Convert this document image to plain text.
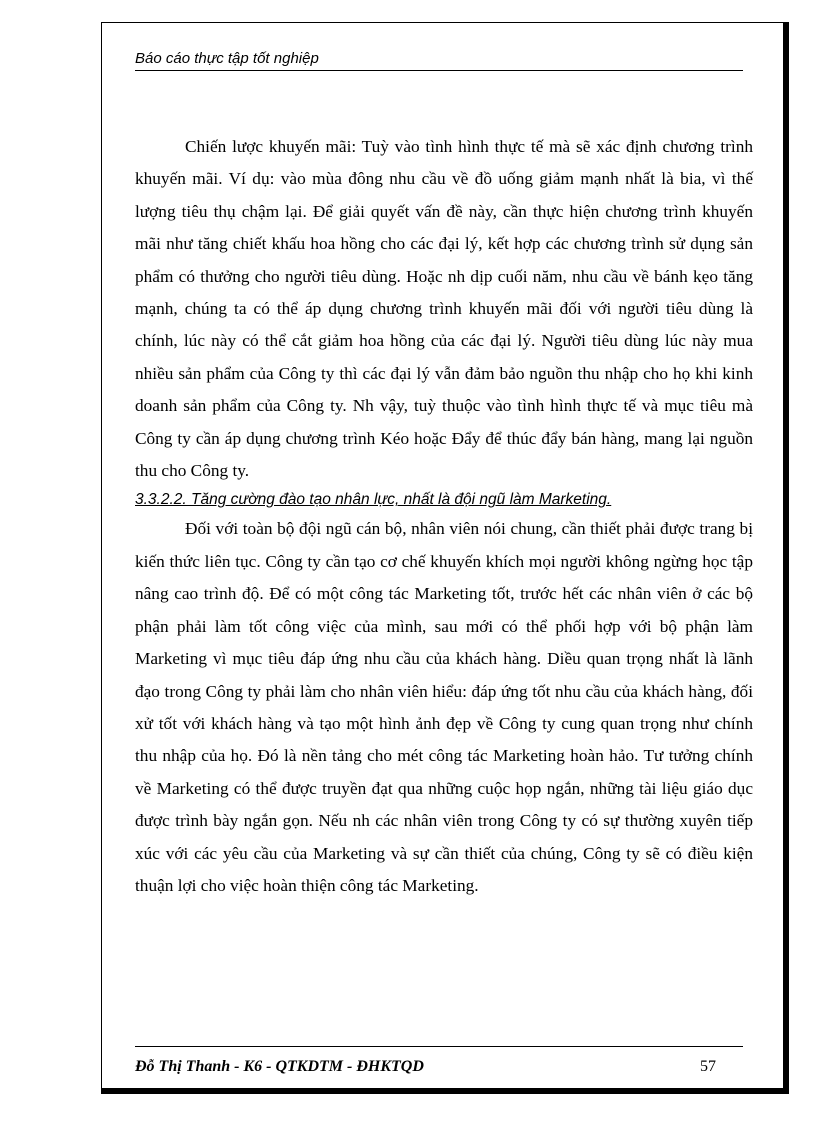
Báo cáo thực tập tốt nghiệp

Chiến lược khuyến mãi: Tuỳ vào tình hình thực tế mà sẽ xác định chương trình khuyến mãi. Ví dụ: vào mùa đông nhu cầu về đồ uống giảm mạnh nhất là bia, vì thế lượng tiêu thụ chậm lại. Để giải quyết vấn đề này, cần thực hiện chương trình khuyến mãi như tăng chiết khấu hoa hồng cho các đại lý, kết hợp các chương trình sử dụng sản phẩm có thưởng cho người tiêu dùng. Hoặc nh dịp cuối năm, nhu cầu về bánh kẹo tăng mạnh, chúng ta có thể áp dụng chương trình khuyến mãi đối với người tiêu dùng là chính, lúc này có thể cắt giảm hoa hồng của các đại lý. Người tiêu dùng lúc này mua nhiều sản phẩm của Công ty thì các đại lý vẫn đảm bảo nguồn thu nhập cho họ khi kinh doanh sản phẩm của Công ty. Nh vậy, tuỳ thuộc vào tình hình thực tế và mục tiêu mà Công ty cần áp dụng chương trình Kéo hoặc Đẩy để thúc đẩy bán hàng, mang lại nguồn thu cho Công ty.

3.3.2.2. Tăng cường đào tạo nhân lực, nhất là đội ngũ làm Marketing.

Đối với toàn bộ đội ngũ cán bộ, nhân viên nói chung, cần thiết phải được trang bị kiến thức liên tục. Công ty cần tạo cơ chế khuyến khích mọi người không ngừng học tập nâng cao trình độ. Để có một công tác Marketing tốt, trước hết các nhân viên ở các bộ phận phải làm tốt công việc của mình, sau mới có thể phối hợp với bộ phận làm Marketing vì mục tiêu đáp ứng nhu cầu của khách hàng. Diều quan trọng nhất là lãnh đạo trong Công ty phải làm cho nhân viên hiểu: đáp ứng tốt nhu cầu của khách hàng, đối xử tốt với khách hàng và tạo một hình ảnh đẹp về Công ty cung quan trọng như chính thu nhập của họ. Đó là nền tảng cho mét công tác Marketing hoàn hảo. Tư tưởng chính về Marketing có thể được truyền đạt qua những cuộc họp ngắn, những tài liệu giáo dục được trình bày ngắn gọn. Nếu nh các nhân viên trong Công ty có sự thường xuyên tiếp xúc với các yêu cầu của Marketing và sự cần thiết của chúng, Công ty sẽ có điều kiện thuận lợi cho việc hoàn thiện công tác Marketing.

Đỗ Thị Thanh - K6 - QTKDTM - ĐHKTQD	57
